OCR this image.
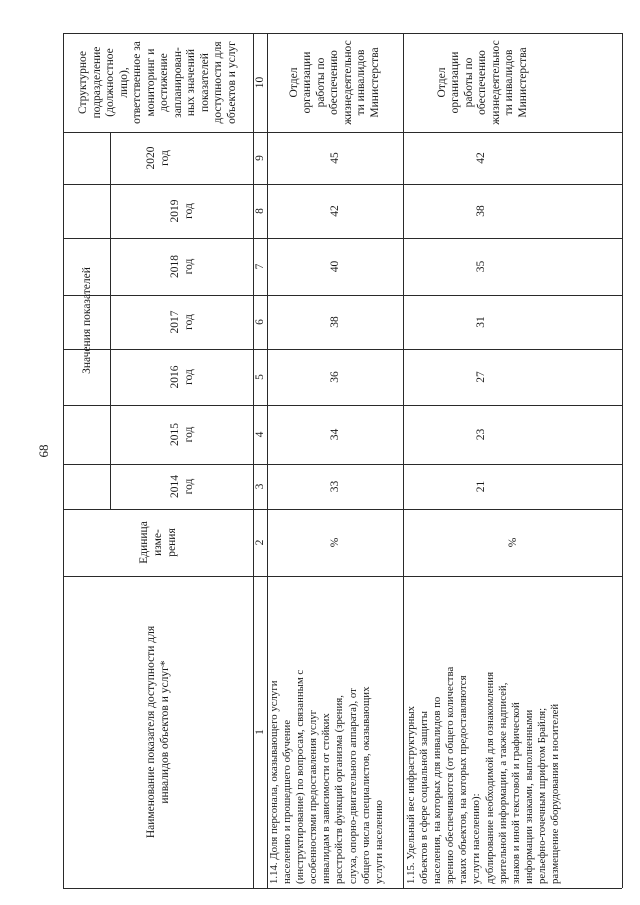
68
Наименование показателя доступности для инвалидов объектов и услуг*
Единица изме-рения
Значения показателей
2014 год
2015 год
2016 год
2017 год
2018 год
2019 год
2020 год
Структурное подразделение (должностное лицо), ответственное за мониторинг и достижение запланирован- ных значений показателей доступности для объектов и услуг
1
2
3
4
5
6
7
8
9
10
1.14. Доля персонала, оказывающего услуги населению и прошедшего обучение (инструктирование) по вопросам, связанным с особенностями предоставления услуг инвалидам в зависимости от стойких расстройств функций организма (зрения, слуха, опорно-двигательного аппарата), от общего числа специалистов, оказывающих услуги населению
%
33
34
36
38
40
42
45
Отдел организации работы по обеспечению жизнедеятельнос ти инвалидов Министерства
1.15. Удельный вес инфраструктурных объектов в сфере социальной защиты населения, на которых для инвалидов по зрению обеспечиваются (от общего количества таких объектов, на которых предоставляются услуги населению): дублирование необходимой для ознакомления зрительной информации, а также надписей, знаков и иной текстовой и графической информации знаками, выполненными рельефно-точечным шрифтом Брайля; размещение оборудования и носителей
%
21
23
27
31
35
38
42
Отдел организации работы по обеспечению жизнедеятельнос ти инвалидов Министерства
